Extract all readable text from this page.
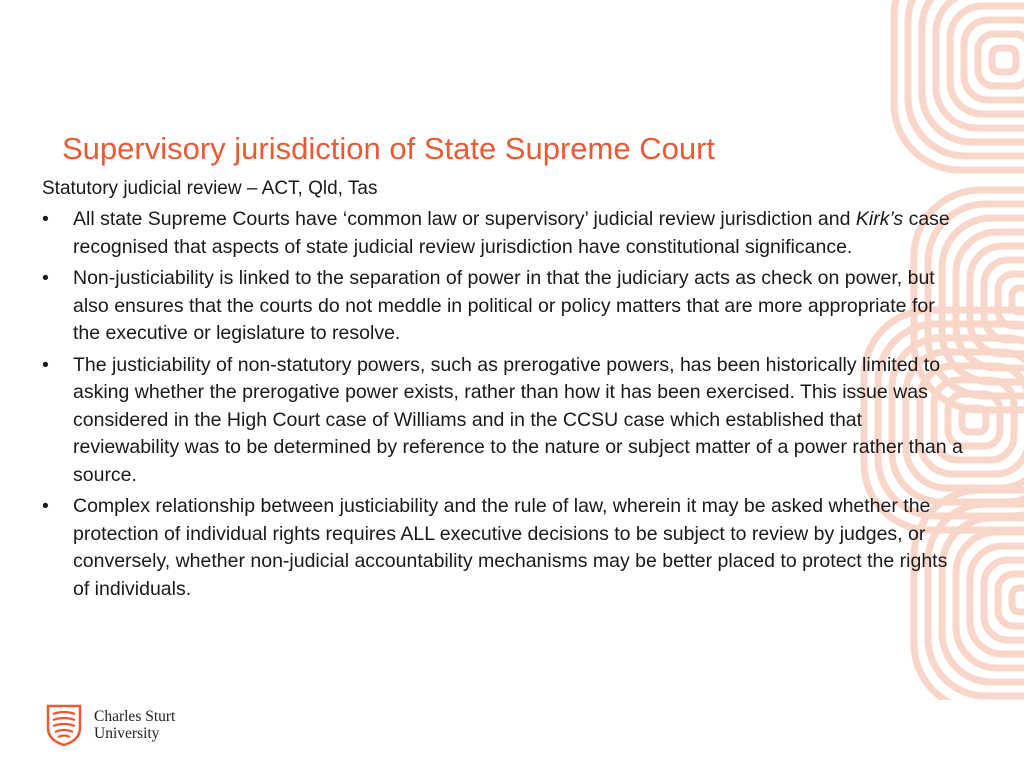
Supervisory jurisdiction of State Supreme Court

Statutory judicial review – ACT, Qld, Tas

•	All state Supreme Courts have ‘common law or supervisory’ judicial review jurisdiction and Kirk’s case recognised that aspects of state judicial review jurisdiction have constitutional significance.
•	Non-justiciability is linked to the separation of power in that the judiciary acts as check on power, but also ensures that the courts do not meddle in political or policy matters that are more appropriate for the executive or legislature to resolve.
•	The justiciability of non-statutory powers, such as prerogative powers, has been historically limited to asking whether the prerogative power exists, rather than how it has been exercised. This issue was considered in the High Court case of Williams and in the CCSU case which established that reviewability was to be determined by reference to the nature or subject matter of a power rather than a source.
•	Complex relationship between justiciability and the rule of law, wherein it may be asked whether the protection of individual rights requires ALL executive decisions to be subject to review by judges, or conversely, whether non-judicial accountability mechanisms may be better placed to protect the rights of individuals.
Charles Sturt
University
